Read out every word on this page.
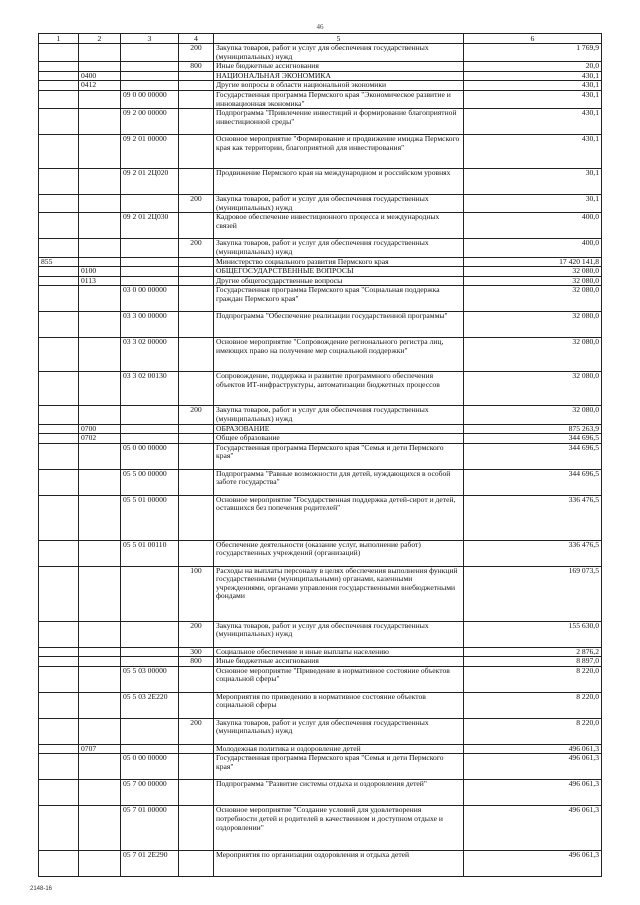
46
1	2	3	4	5	6
			200	Закупка товаров, работ и услуг для обеспечения государственных (муниципальных) нужд	1 769,9
			800	Иные бюджетные ассигнования	20,0
	0400			НАЦИОНАЛЬНАЯ ЭКОНОМИКА	430,1
	0412			Другие вопросы в области национальной экономики	430,1
		09 0 00 00000		Государственная программа Пермского края "Экономическое развитие и инновационная экономика"	430,1
		09 2 00 00000		Подпрограмма "Привлечение инвестиций и формирование благоприятной инвестиционной среды"	430,1
		09 2 01 00000		Основное мероприятие "Формирование и продвижение имиджа Пермского края как территории, благоприятной для инвестирования"	430,1
		09 2 01 2Ц020		Продвижение Пермского края на международном и российском уровнях	30,1
			200	Закупка товаров, работ и услуг для обеспечения государственных (муниципальных) нужд	30,1
		09 2 01 2Ц030		Кадровое обеспечение инвестиционного процесса и международных связей	400,0
			200	Закупка товаров, работ и услуг для обеспечения государственных (муниципальных) нужд	400,0
855				Министерство социального развития Пермского края	17 420 141,8
	0100			ОБЩЕГОСУДАРСТВЕННЫЕ ВОПРОСЫ	32 080,0
	0113			Другие общегосударственные вопросы	32 080,0
		03 0 00 00000		Государственная программа Пермского края "Социальная поддержка граждан Пермского края"	32 080,0
		03 3 00 00000		Подпрограмма "Обеспечение реализации государственной программы"	32 080,0
		03 3 02 00000		Основное мероприятие "Сопровождение регионального регистра лиц, имеющих право на получение мер социальной поддержки"	32 080,0
		03 3 02 00130		Сопровождение, поддержка и развитие программного обеспечения объектов ИТ-инфраструктуры, автоматизации бюджетных процессов	32 080,0
			200	Закупка товаров, работ и услуг для обеспечения государственных (муниципальных) нужд	32 080,0
	0700			ОБРАЗОВАНИЕ	875 263,9
	0702			Общее образование	344 696,5
		05 0 00 00000		Государственная программа Пермского края "Семья и дети Пермского края"	344 696,5
		05 5 00 00000		Подпрограмма "Равные возможности для детей, нуждающихся в особой заботе государства"	344 696,5
		05 5 01 00000		Основное мероприятие "Государственная поддержка детей-сирот и детей, оставшихся без попечения родителей"	336 476,5
		05 5 01 00110		Обеспечение деятельности (оказание услуг, выполнение работ) государственных учреждений (организаций)	336 476,5
			100	Расходы на выплаты персоналу в целях обеспечения выполнения функций государственными (муниципальными) органами, казенными учреждениями, органами управления государственными внебюджетными фондами	169 073,5
			200	Закупка товаров, работ и услуг для обеспечения государственных (муниципальных) нужд	155 630,0
			300	Социальное обеспечение и иные выплаты населению	2 876,2
			800	Иные бюджетные ассигнования	8 897,0
		05 5 03 00000		Основное мероприятие "Приведение в нормативное состояние объектов социальной сферы"	8 220,0
		05 5 03 2Е220		Мероприятия по приведению в нормативное состояние объектов социальной сферы	8 220,0
			200	Закупка товаров, работ и услуг для обеспечения государственных (муниципальных) нужд	8 220,0
	0707			Молодежная политика и оздоровление детей	496 061,3
		05 0 00 00000		Государственная программа Пермского края "Семья и дети Пермского края"	496 061,3
		05 7 00 00000		Подпрограмма "Развитие системы отдыха и оздоровления детей"	496 061,3
		05 7 01 00000		Основное мероприятие "Создание условий для удовлетворения потребности детей и родителей в качественном и доступном отдыхе и оздоровлении"	496 061,3
		05 7 01 2Е290		Мероприятия по организации оздоровления и отдыха детей	496 061,3
2148-16
